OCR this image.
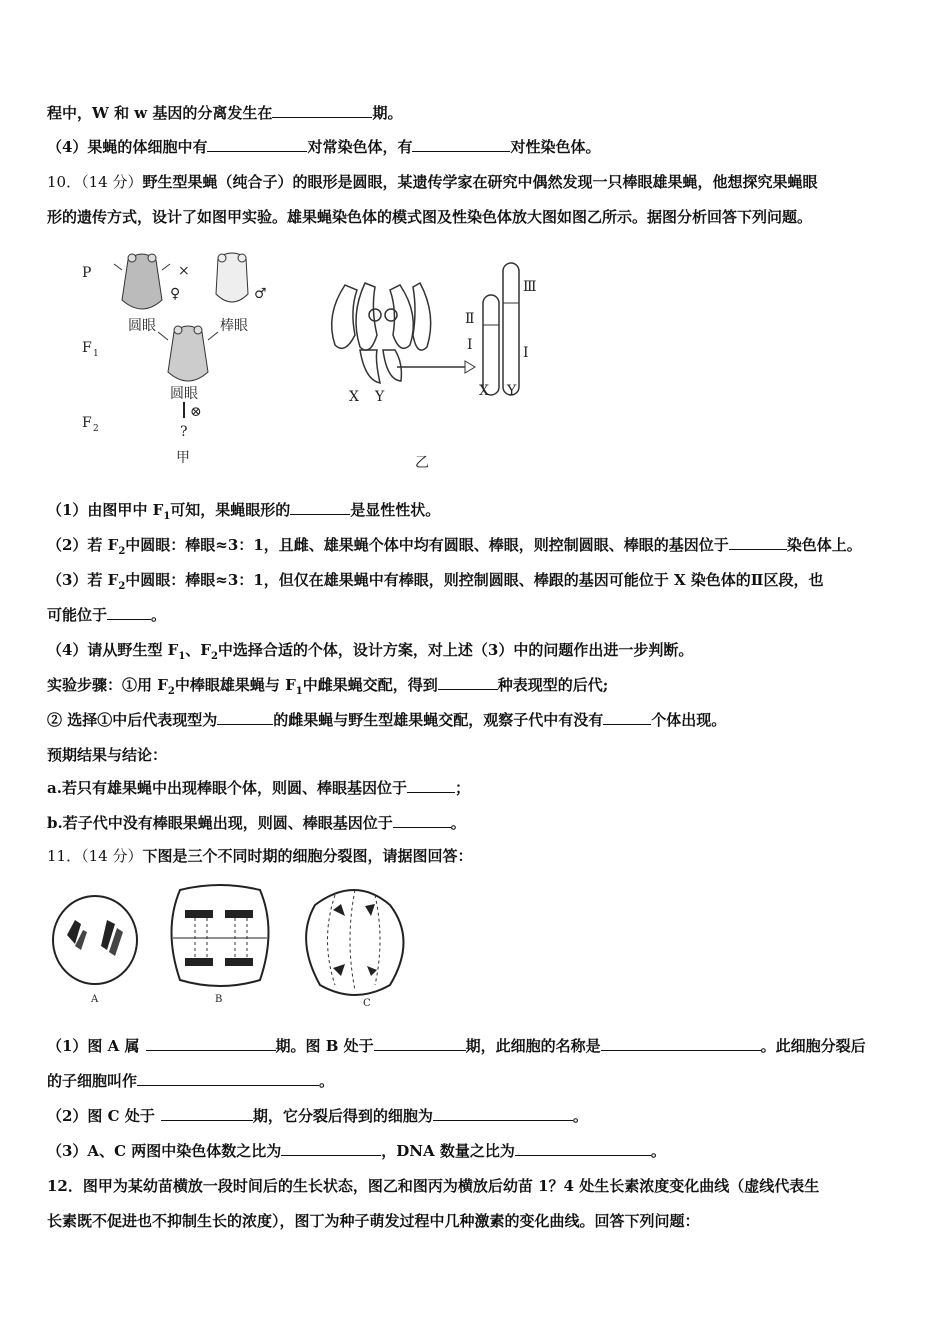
程中，W 和 w 基因的分离发生在	期。
（4）果蝇的体细胞中有	对常染色体，有	对性染色体。
10．（14 分）野生型果蝇（纯合子）的眼形是圆眼，某遗传学家在研究中偶然发现一只棒眼雄果蝇，他想探究果蝇眼
形的遗传方式，设计了如图甲实验。雄果蝇染色体的模式图及性染色体放大图如图乙所示。据图分析回答下列问题。
P
F 1
F 2
×
♀	♂
圆眼	棒眼
圆眼
⊗
?
甲
X Y
Ⅱ
Ⅰ
Ⅲ
Ⅰ
X Y
乙
（1）由图甲中 $F_1$可知，果蝇眼形的	是显性性状。
（2）若 $F_2$中圆眼：棒眼≈3：1，且雌、雄果蝇个体中均有圆眼、棒眼，则控制圆眼、棒眼的基因位于	染色体上。
（3）若 $F_2$中圆眼：棒眼≈3：1，但仅在雄果蝇中有棒眼，则控制圆眼、棒跟的基因可能位于 X 染色体的Ⅱ区段，也
可能位于	。
（4）请从野生型 $F_1$、$F_2$中选择合适的个体，设计方案，对上述（3）中的问题作出进一步判断。
实验步骤：①用 $F_2$中棒眼雄果蝇与 $F_1$中雌果蝇交配，得到	种表现型的后代;
② 选择①中后代表现型为	的雌果蝇与野生型雄果蝇交配，观察子代中有没有	个体出现。
预期结果与结论：
a.若只有雄果蝇中出现棒眼个体，则圆、棒眼基因位于	；
b.若子代中没有棒眼果蝇出现，则圆、棒眼基因位于	。
11．（14 分）下图是三个不同时期的细胞分裂图，请据图回答：
A	B	C
（1）图 A 属	期。图 B 处于	期，此细胞的名称是	。此细胞分裂后
的子细胞叫作	。
（2）图 C 处于	期，它分裂后得到的细胞为	。
（3）A、C 两图中染色体数之比为	，DNA 数量之比为	。
12．图甲为某幼苗横放一段时间后的生长状态，图乙和图丙为横放后幼苗 1？4 处生长素浓度变化曲线（虚线代表生
长素既不促进也不抑制生长的浓度），图丁为种子萌发过程中几种激素的变化曲线。回答下列问题：
